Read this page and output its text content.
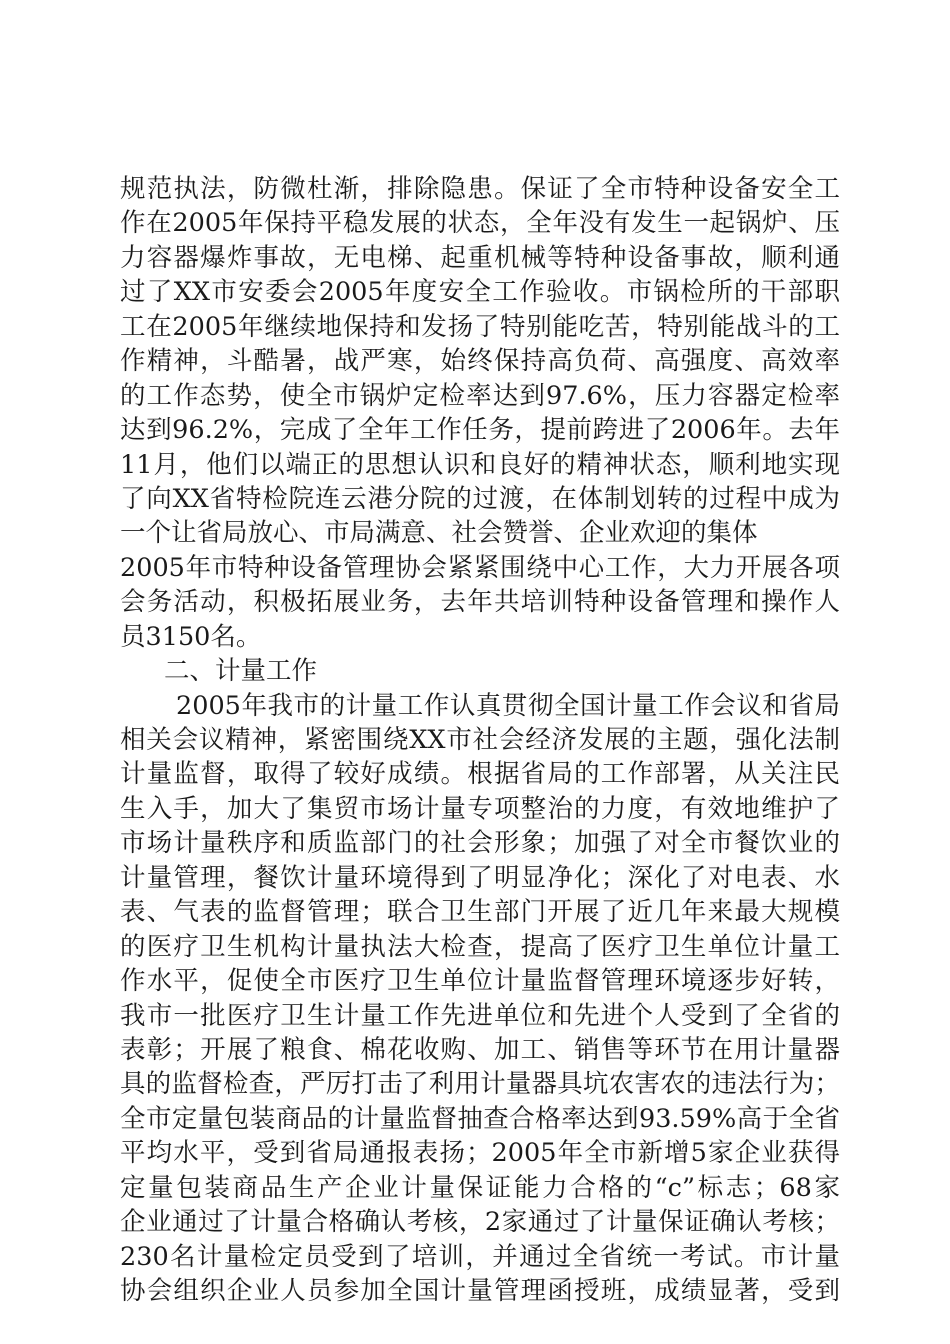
规范执法，防微杜渐，排除隐患。保证了全市特种设备安全工
作在2005年保持平稳发展的状态，全年没有发生一起锅炉、压
力容器爆炸事故，无电梯、起重机械等特种设备事故，顺利通
过了XX市安委会2005年度安全工作验收。市锅检所的干部职
工在2005年继续地保持和发扬了特别能吃苦，特别能战斗的工
作精神，斗酷暑，战严寒，始终保持高负荷、高强度、高效率
的工作态势，使全市锅炉定检率达到97.6%，压力容器定检率
达到96.2%，完成了全年工作任务，提前跨进了2006年。去年
11月，他们以端正的思想认识和良好的精神状态，顺利地实现
了向XX省特检院连云港分院的过渡，在体制划转的过程中成为
一个让省局放心、市局满意、社会赞誉、企业欢迎的集体
2005年市特种设备管理协会紧紧围绕中心工作，大力开展各项
会务活动，积极拓展业务，去年共培训特种设备管理和操作人
员3150名。
二、计量工作
2005年我市的计量工作认真贯彻全国计量工作会议和省局
相关会议精神，紧密围绕XX市社会经济发展的主题，强化法制
计量监督，取得了较好成绩。根据省局的工作部署，从关注民
生入手，加大了集贸市场计量专项整治的力度，有效地维护了
市场计量秩序和质监部门的社会形象；加强了对全市餐饮业的
计量管理，餐饮计量环境得到了明显净化；深化了对电表、水
表、气表的监督管理；联合卫生部门开展了近几年来最大规模
的医疗卫生机构计量执法大检查，提高了医疗卫生单位计量工
作水平，促使全市医疗卫生单位计量监督管理环境逐步好转，
我市一批医疗卫生计量工作先进单位和先进个人受到了全省的
表彰；开展了粮食、棉花收购、加工、销售等环节在用计量器
具的监督检查，严厉打击了利用计量器具坑农害农的违法行为；
全市定量包装商品的计量监督抽查合格率达到93.59%高于全省
平均水平，受到省局通报表扬；2005年全市新增5家企业获得
定量包装商品生产企业计量保证能力合格的“c”标志；68家
企业通过了计量合格确认考核，2家通过了计量保证确认考核；
230名计量检定员受到了培训，并通过全省统一考试。市计量
协会组织企业人员参加全国计量管理函授班，成绩显著，受到
